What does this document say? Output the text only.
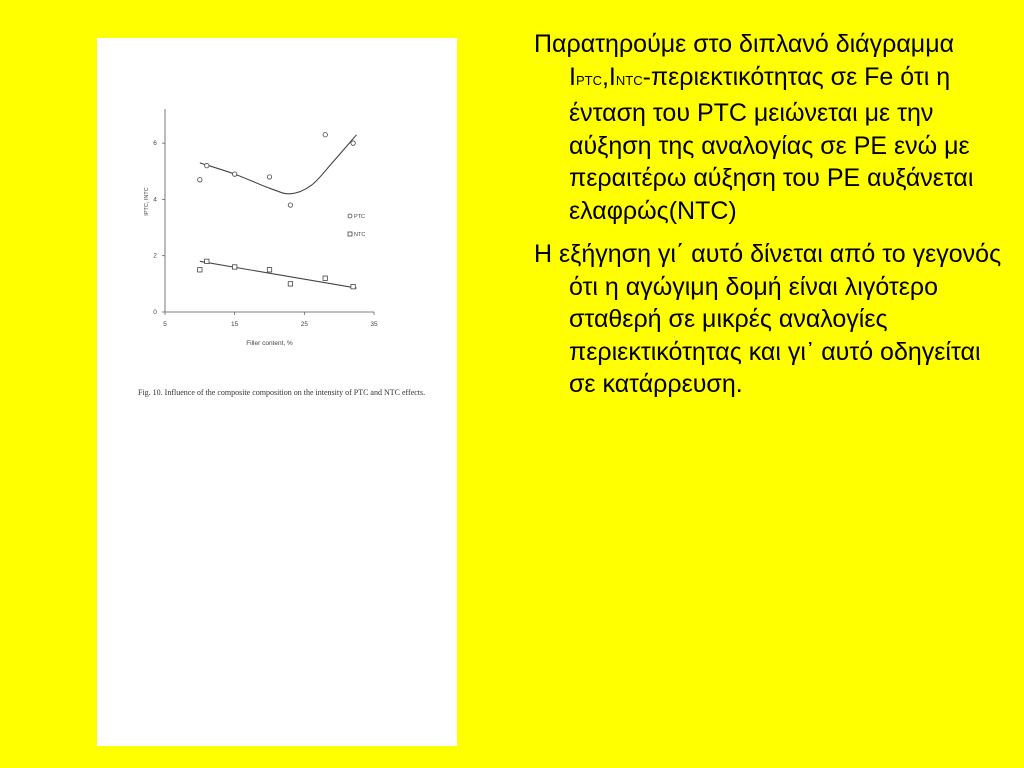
5	15	25	35
0
2
4
6
Filler content, %
IPTC, INTC
PTC
NTC
Fig. 10. Influence of the composite composition on the intensity of PTC and NTC effects.

Παρατηρούμε στο διπλανό διάγραμμα IPTC,INTC-περιεκτικότητας σε Fe ότι η ένταση του PTC μειώνεται με την αύξηση της αναλογίας σε PE ενώ με περαιτέρω αύξηση του PE αυξάνεται ελαφρώς(NTC)

Η εξήγηση γι΄ αυτό δίνεται από το γεγονός ότι η αγώγιμη δομή είναι λιγότερο σταθερή σε μικρές αναλογίες περιεκτικότητας και γι᾿ αυτό οδηγείται σε κατάρρευση.
